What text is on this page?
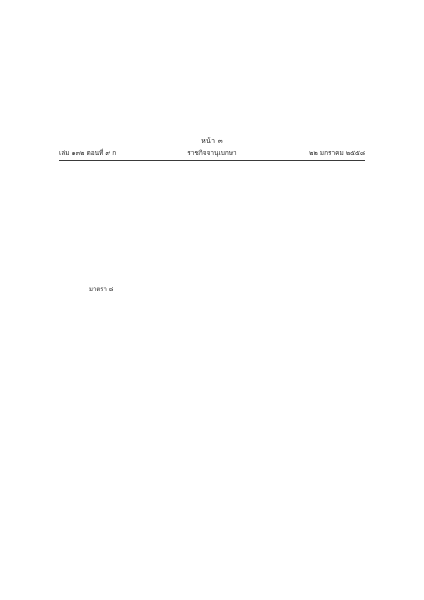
หน้า ๓
เล่ม ๑๓๒ ตอนที่ ๙ ก	ราชกิจจานุเบกษา	๒๒ มกราคม ๒๕๕๘
มาตรา ๘
